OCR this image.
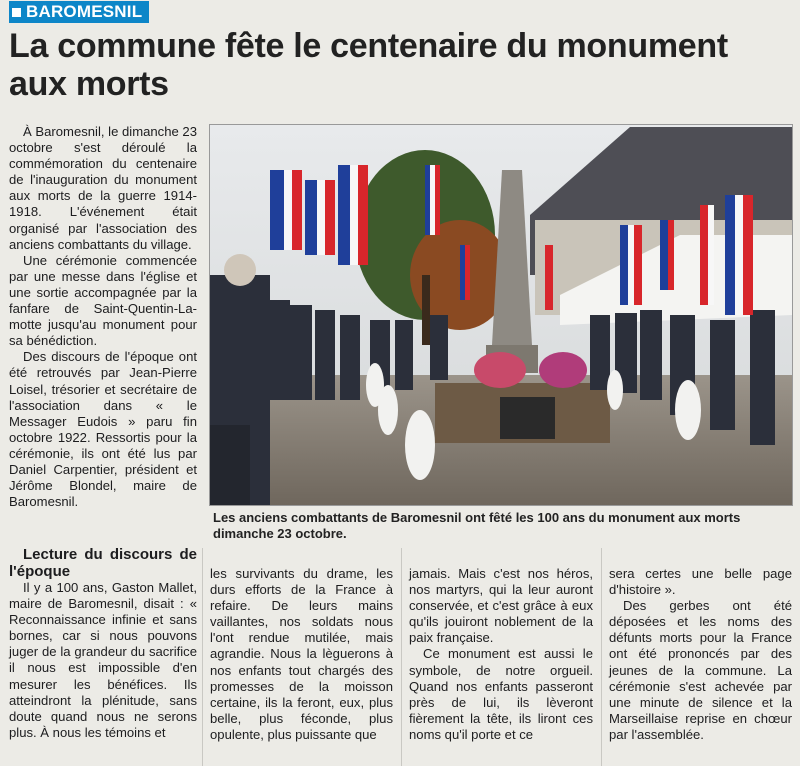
BAROMESNIL
La commune fête le centenaire du monument aux morts

À Baromesnil, le dimanche 23 octobre s'est déroulé la commémoration du centenaire de l'inauguration du monument aux morts de la guerre 1914-1918. L'événement était organisé par l'association des anciens combattants du village.

Une cérémonie commencée par une messe dans l'église et une sortie accompagnée par la fanfare de Saint-Quentin-La-motte jusqu'au monument pour sa bénédiction.

Des discours de l'époque ont été retrouvés par Jean-Pierre Loisel, trésorier et secrétaire de l'association dans « le Messager Eudois » paru fin octobre 1922. Ressortis pour la cérémonie, ils ont été lus par Daniel Carpentier, président et Jérôme Blondel, maire de Baromesnil.

Les anciens combattants de Baromesnil ont fêté les 100 ans du monument aux morts dimanche 23 octobre.

Lecture du discours de l'époque

Il y a 100 ans, Gaston Mallet, maire de Baromesnil, disait : « Reconnaissance infinie et sans bornes, car si nous pouvons juger de la grandeur du sacrifice il nous est impossible d'en mesurer les bénéfices. Ils atteindront la plénitude, sans doute quand nous ne serons plus. À nous les témoins et

les survivants du drame, les durs efforts de la France à refaire. De leurs mains vaillantes, nos soldats nous l'ont rendue mutilée, mais agrandie. Nous la lèguerons à nos enfants tout chargés des promesses de la moisson certaine, ils la feront, eux, plus belle, plus féconde, plus opulente, plus puissante que

jamais. Mais c'est nos héros, nos martyrs, qui la leur auront conservée, et c'est grâce à eux qu'ils jouiront noblement de la paix française.

Ce monument est aussi le symbole, de notre orgueil. Quand nos enfants passeront près de lui, ils lèveront fièrement la tête, ils liront ces noms qu'il porte et ce

sera certes une belle page d'histoire ».

Des gerbes ont été déposées et les noms des défunts morts pour la France ont été prononcés par des jeunes de la commune. La cérémonie s'est achevée par une minute de silence et la Marseillaise reprise en chœur par l'assemblée.
